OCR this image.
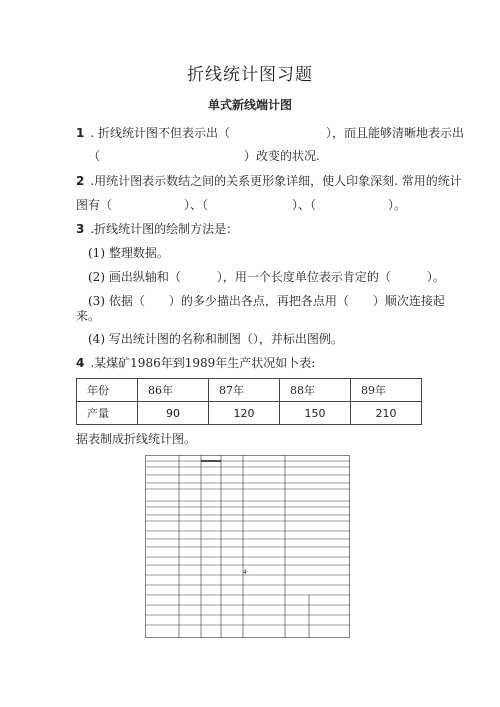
折线统计图习题
单式新线端计图
1 . 折线统计图不但表示出（　　　　　　　　），而且能够清晰地表示出
（　　　　　　　　　　　　）改变的状况.
2 .用统计图表示数结之间的关系更形象详细，使人印象深刻. 常用的统计
图有（　　　　　　）、（　　　　　　　）、（　　　　　　）。
3 .折线统计图的绘制方法是：
(1) 整理数据。
(2) 画出纵轴和（　　　），用一个长度单位表示肯定的（　　　）。
(3) 依据（　　）的多少描出各点，再把各点用（　　）顺次连接起
来。
(4) 写出统计图的名称和制图（），并标出图例。
4 .某煤矿1986年到1989年生产状况如卜表:
年份	86年	87年	88年	89年
产量	90	120	150	210
据表制成折线统计图。
4·
